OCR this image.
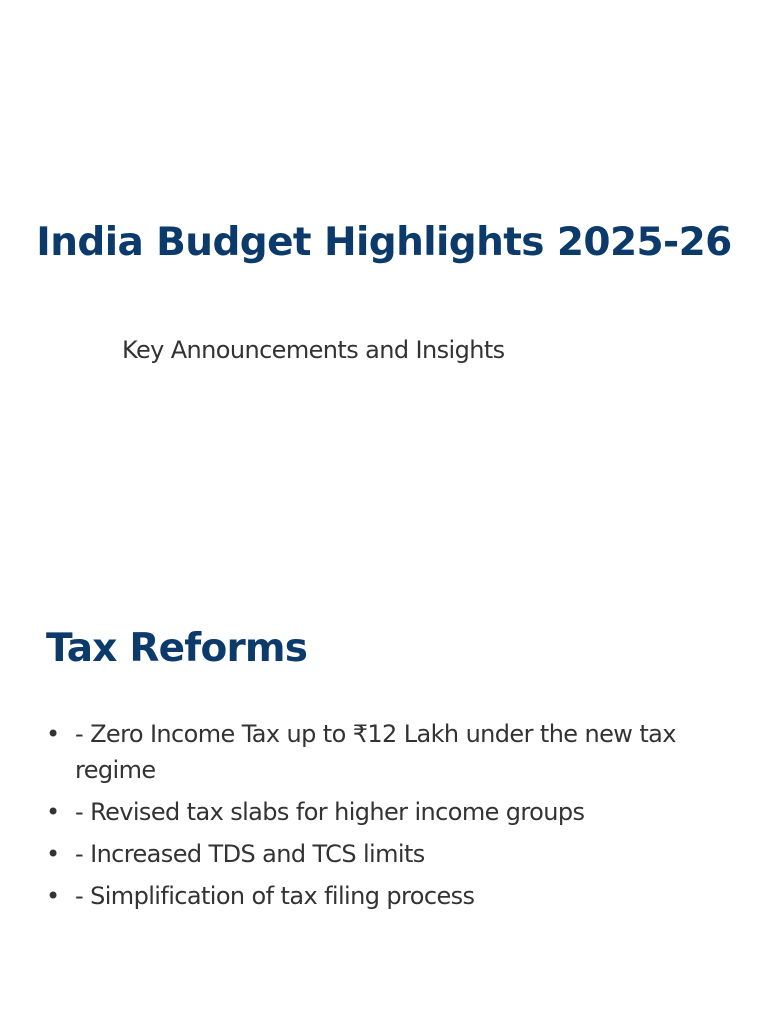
India Budget Highlights 2025-26

Key Announcements and Insights

Tax Reforms
• - Zero Income Tax up to ₹12 Lakh under the new tax regime
• - Revised tax slabs for higher income groups
• - Increased TDS and TCS limits
• - Simplification of tax filing process
